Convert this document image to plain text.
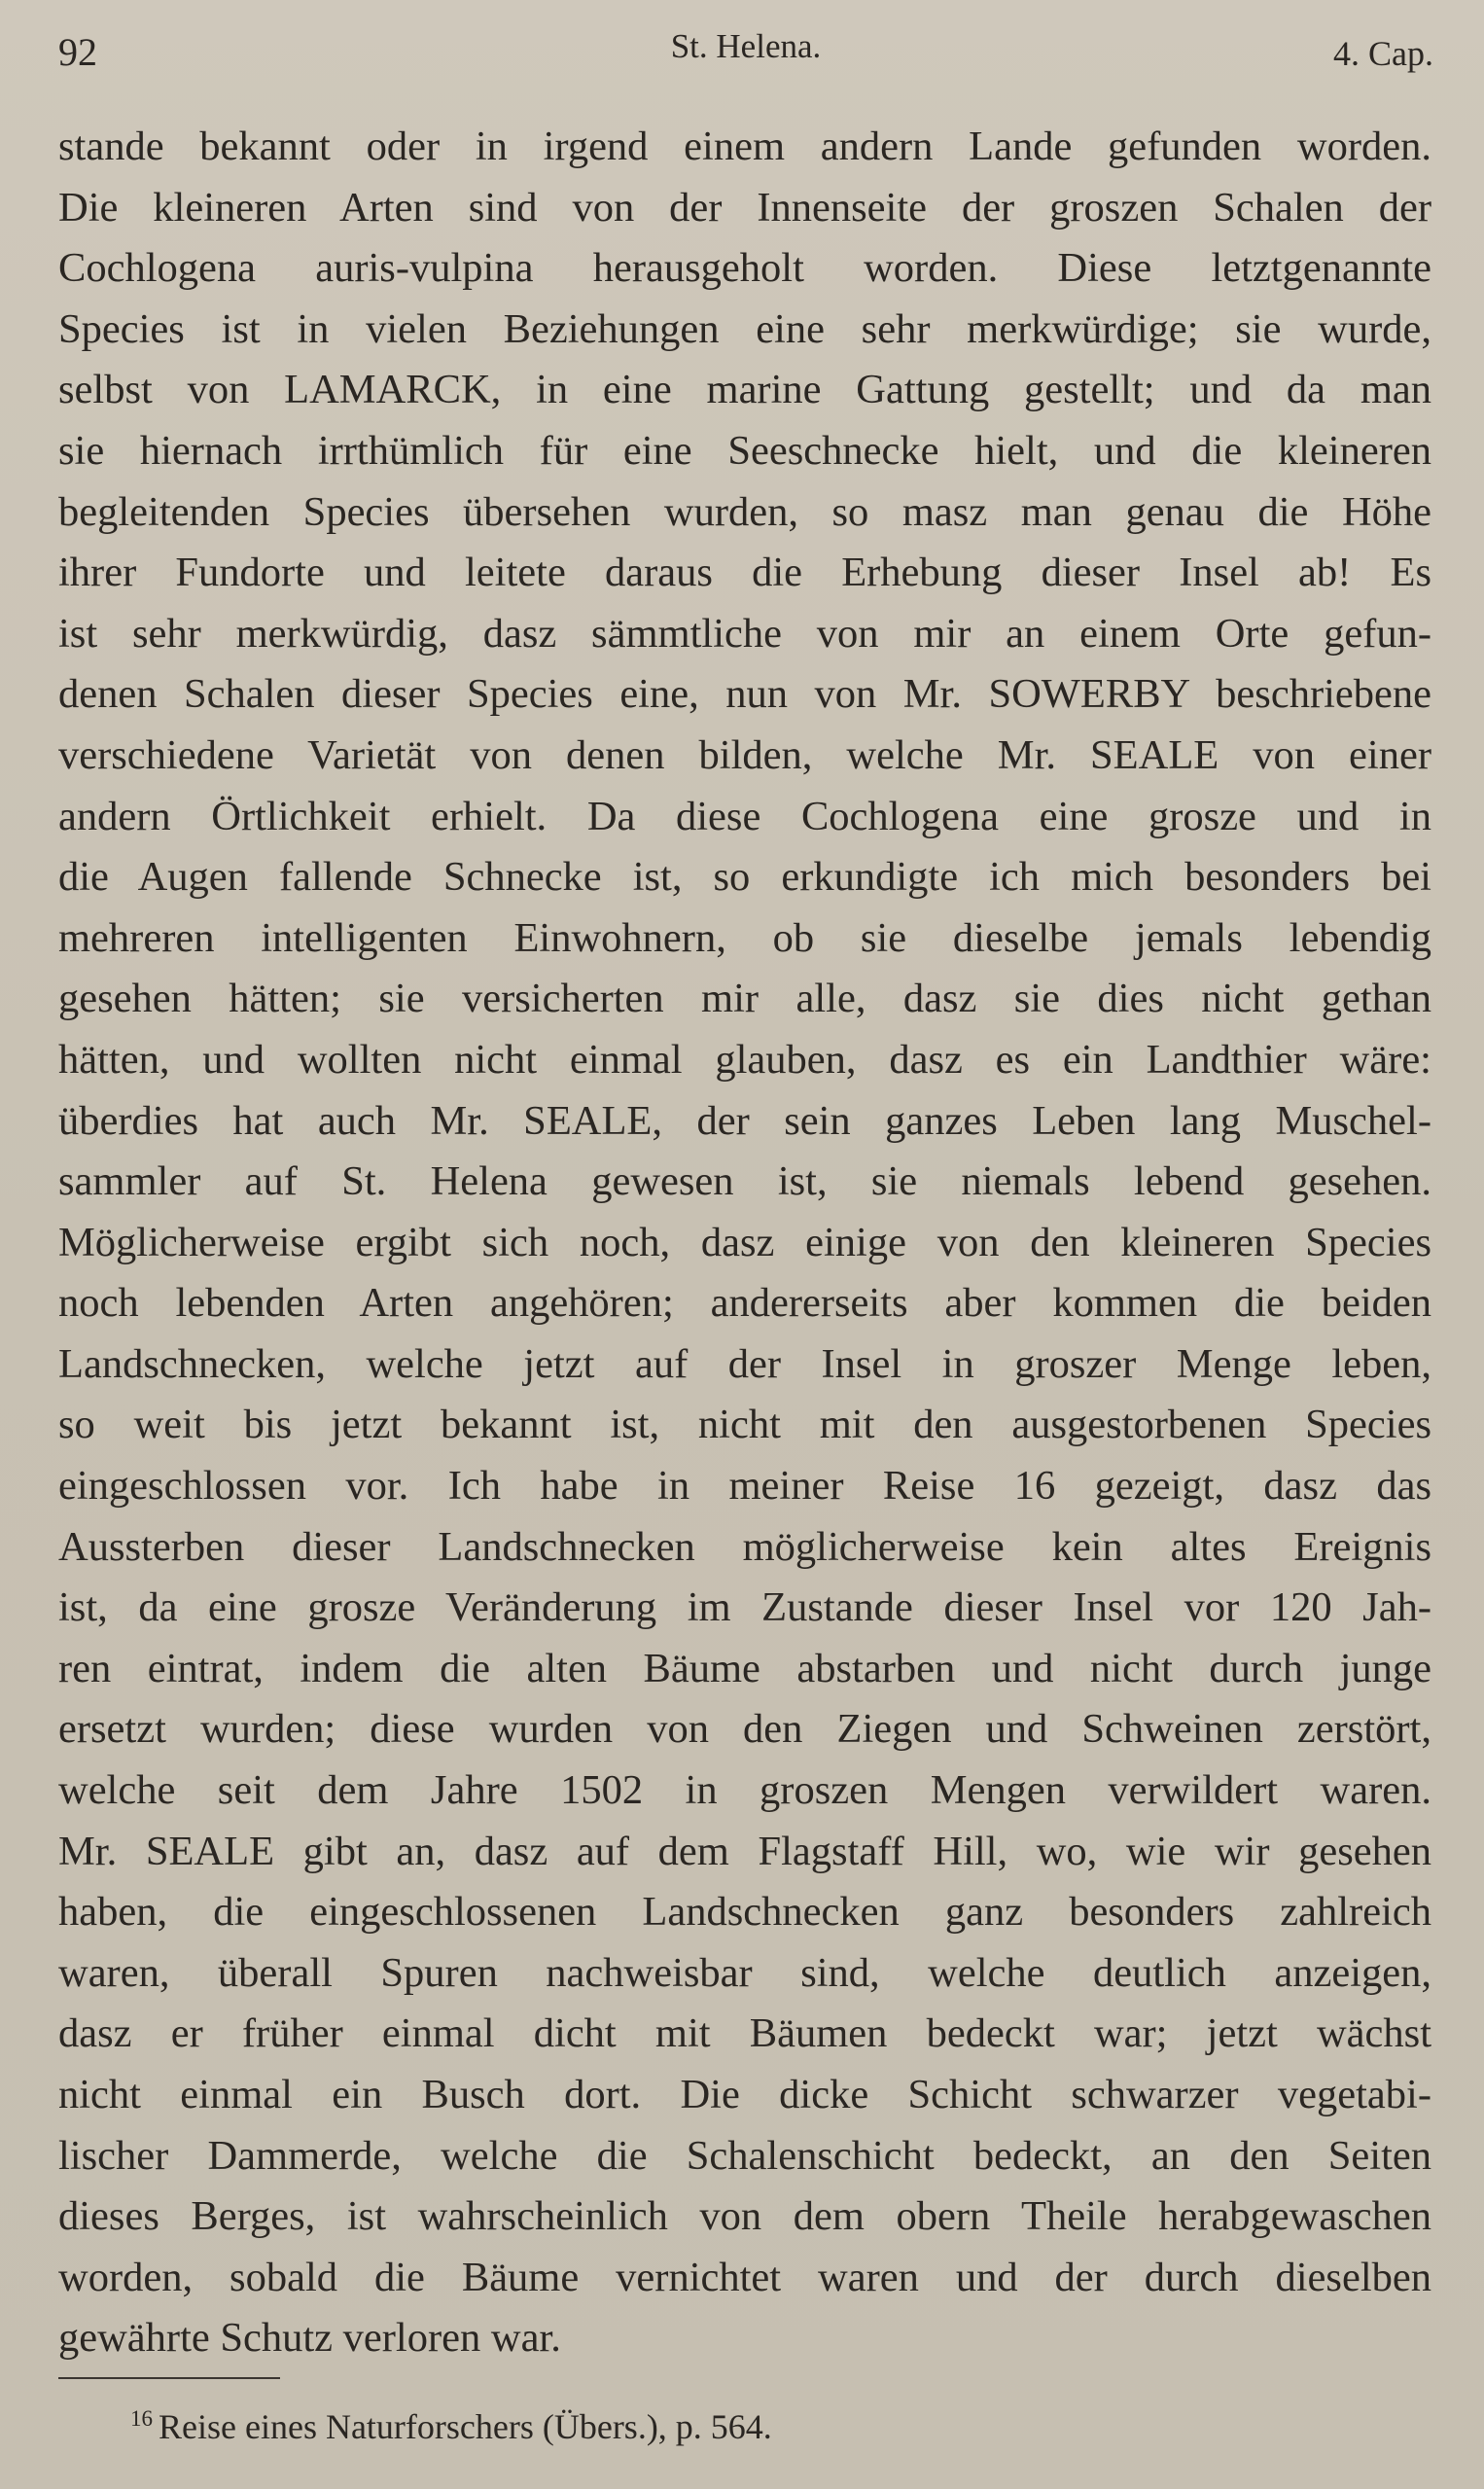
92	St. Helena.	4. Cap.
stande bekannt oder in irgend einem andern Lande gefunden worden.
Die kleineren Arten sind von der Innenseite der groszen Schalen der
Cochlogena auris-vulpina herausgeholt worden. Diese letztgenannte
Species ist in vielen Beziehungen eine sehr merkwürdige; sie wurde,
selbst von LAMARCK, in eine marine Gattung gestellt; und da man
sie hiernach irrthümlich für eine Seeschnecke hielt, und die kleineren
begleitenden Species übersehen wurden, so masz man genau die Höhe
ihrer Fundorte und leitete daraus die Erhebung dieser Insel ab! Es
ist sehr merkwürdig, dasz sämmtliche von mir an einem Orte gefun-
denen Schalen dieser Species eine, nun von Mr. SOWERBY beschriebene
verschiedene Varietät von denen bilden, welche Mr. SEALE von einer
andern Örtlichkeit erhielt. Da diese Cochlogena eine grosze und in
die Augen fallende Schnecke ist, so erkundigte ich mich besonders bei
mehreren intelligenten Einwohnern, ob sie dieselbe jemals lebendig
gesehen hätten; sie versicherten mir alle, dasz sie dies nicht gethan
hätten, und wollten nicht einmal glauben, dasz es ein Landthier wäre:
überdies hat auch Mr. SEALE, der sein ganzes Leben lang Muschel-
sammler auf St. Helena gewesen ist, sie niemals lebend gesehen.
Möglicherweise ergibt sich noch, dasz einige von den kleineren Species
noch lebenden Arten angehören; andererseits aber kommen die beiden
Landschnecken, welche jetzt auf der Insel in groszer Menge leben,
so weit bis jetzt bekannt ist, nicht mit den ausgestorbenen Species
eingeschlossen vor. Ich habe in meiner Reise 16 gezeigt, dasz das
Aussterben dieser Landschnecken möglicherweise kein altes Ereignis
ist, da eine grosze Veränderung im Zustande dieser Insel vor 120 Jah-
ren eintrat, indem die alten Bäume abstarben und nicht durch junge
ersetzt wurden; diese wurden von den Ziegen und Schweinen zerstört,
welche seit dem Jahre 1502 in groszen Mengen verwildert waren.
Mr. SEALE gibt an, dasz auf dem Flagstaff Hill, wo, wie wir gesehen
haben, die eingeschlossenen Landschnecken ganz besonders zahlreich
waren, überall Spuren nachweisbar sind, welche deutlich anzeigen,
dasz er früher einmal dicht mit Bäumen bedeckt war; jetzt wächst
nicht einmal ein Busch dort. Die dicke Schicht schwarzer vegetabi-
lischer Dammerde, welche die Schalenschicht bedeckt, an den Seiten
dieses Berges, ist wahrscheinlich von dem obern Theile herabgewaschen
worden, sobald die Bäume vernichtet waren und der durch dieselben
gewährte Schutz verloren war.
$^{16}$ Reise eines Naturforschers (Übers.), p. 564.
